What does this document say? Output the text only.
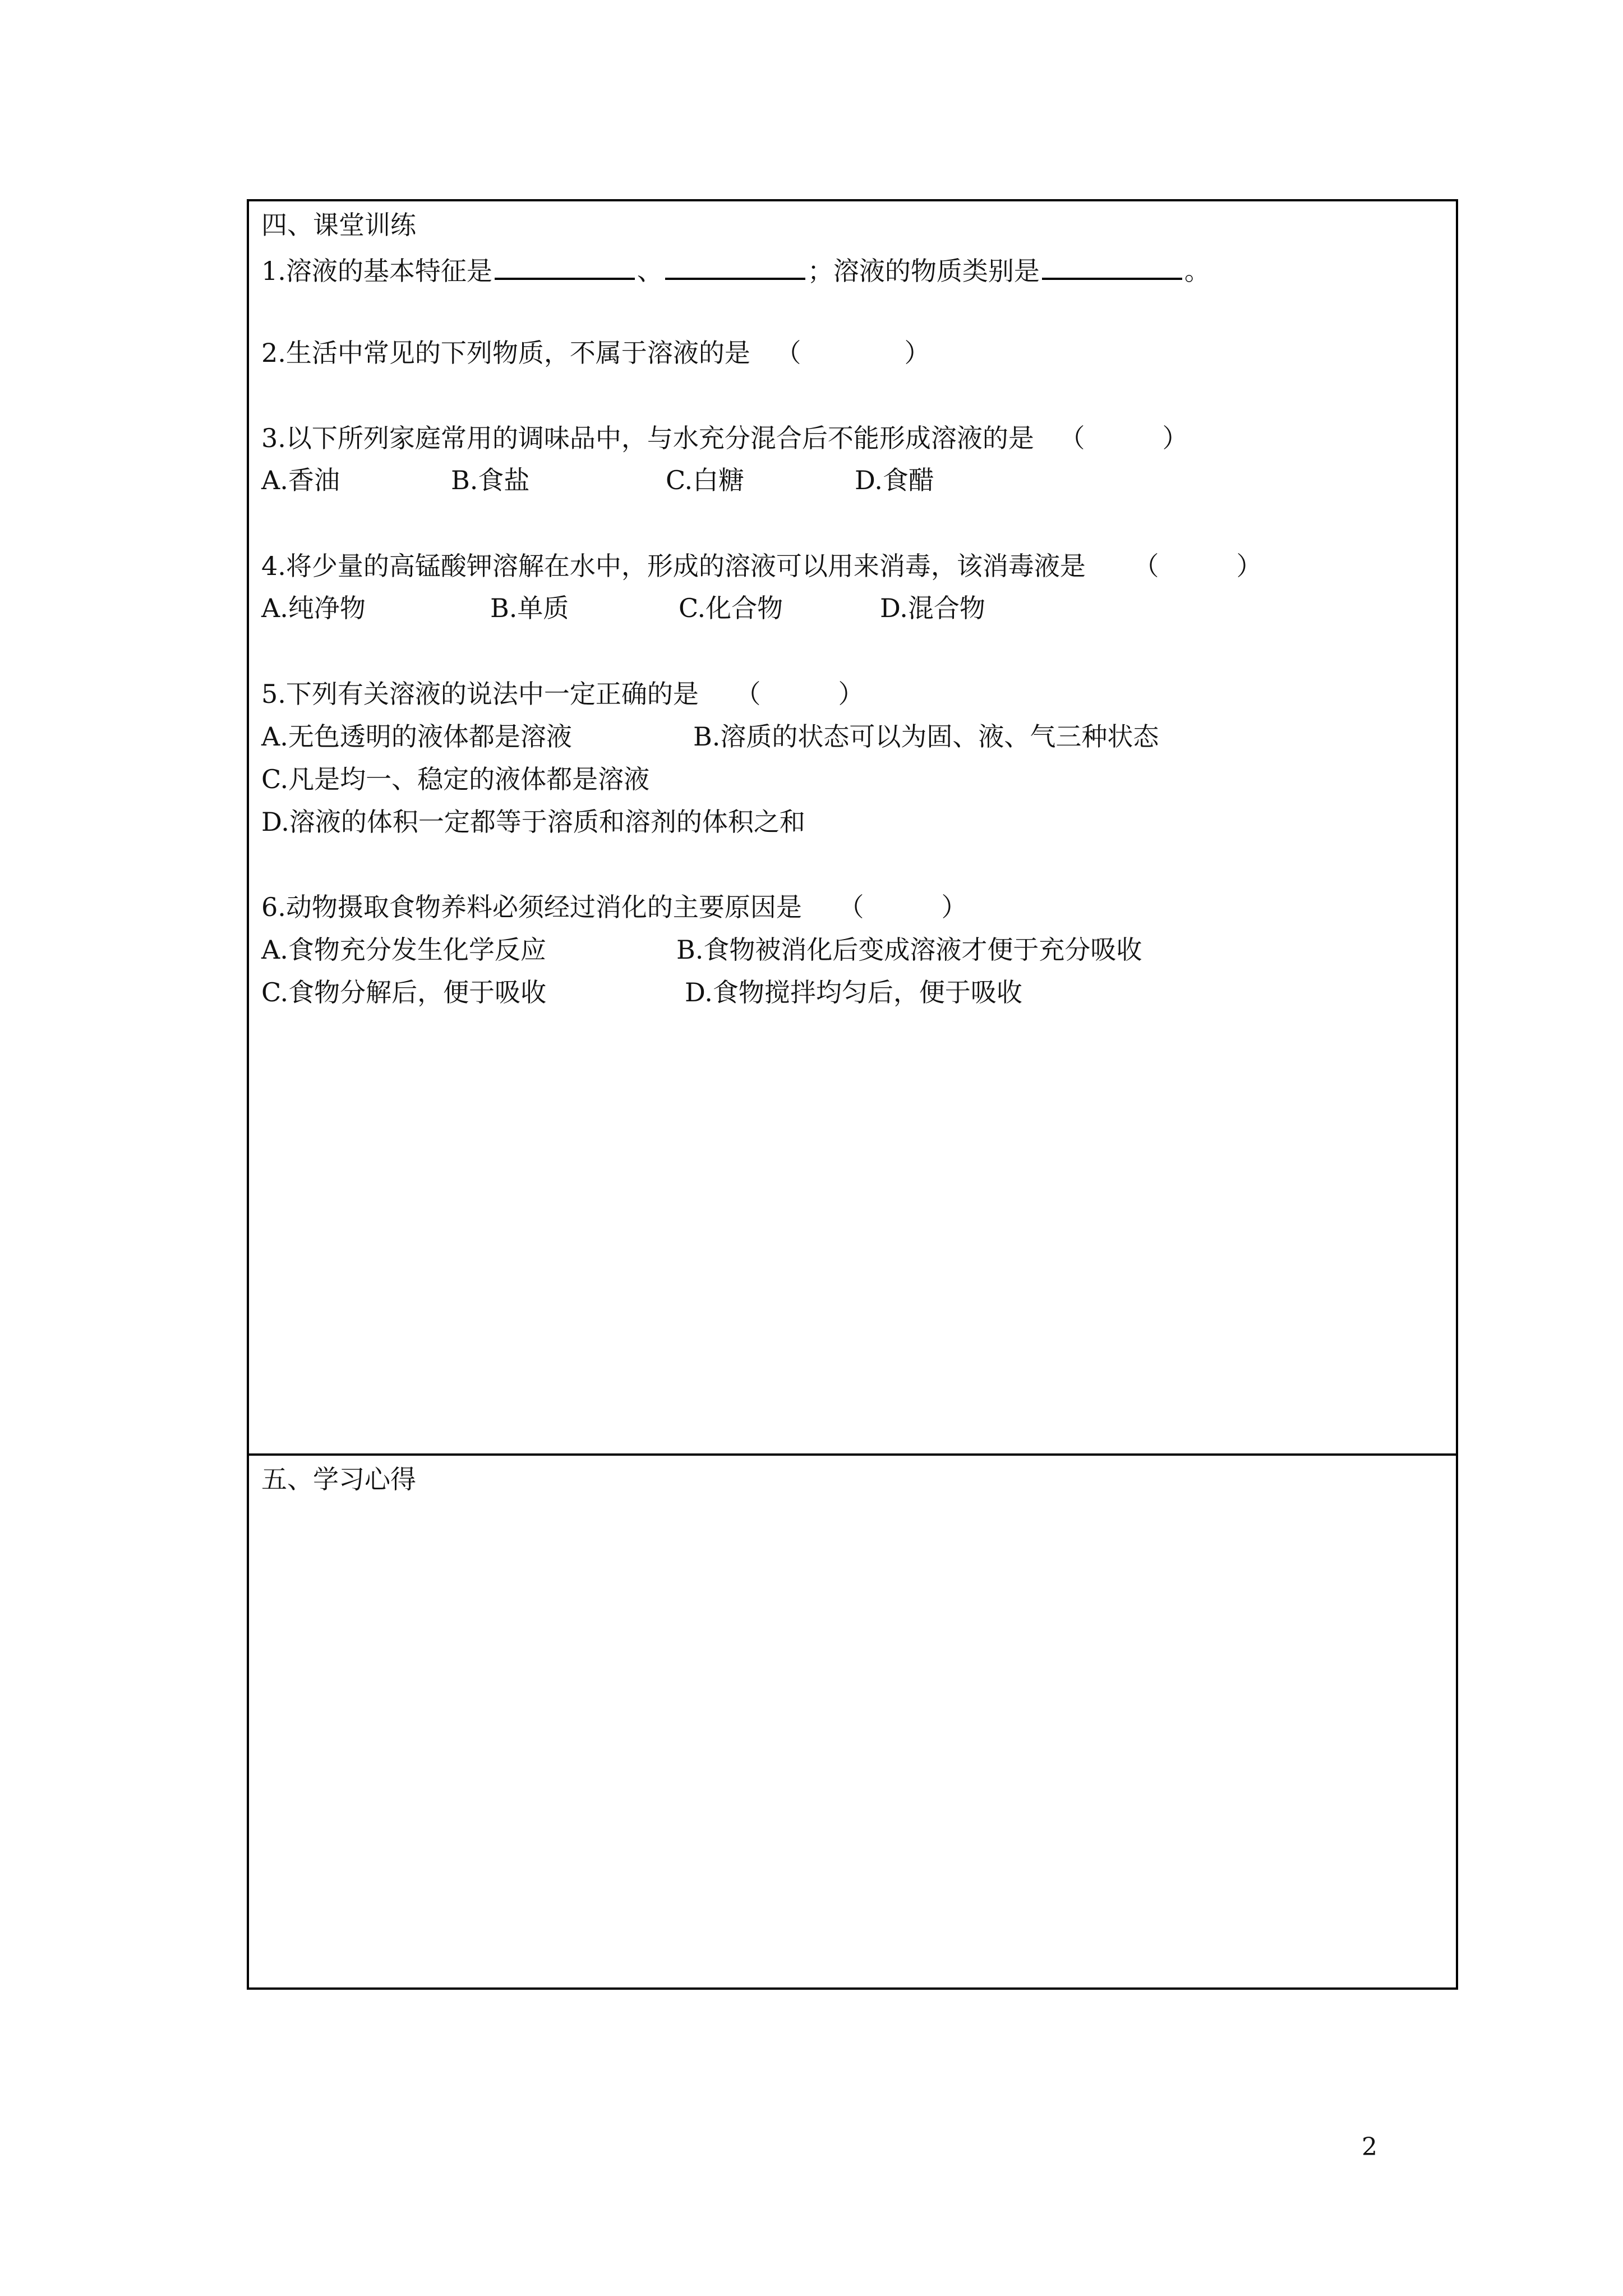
四、课堂训练
1.溶液的基本特征是	、	；溶液的物质类别是	。
2.生活中常见的下列物质，不属于溶液的是 （　　　　）
3.以下所列家庭常用的调味品中，与水充分混合后不能形成溶液的是 （　　　）
A.香油	B.食盐	C.白糖	D.食醋
4.将少量的高锰酸钾溶解在水中，形成的溶液可以用来消毒，该消毒液是 （　　　）
A.纯净物	B.单质	C.化合物	D.混合物
5.下列有关溶液的说法中一定正确的是 （　　　）
A.无色透明的液体都是溶液	B.溶质的状态可以为固、液、气三种状态
C.凡是均一、稳定的液体都是溶液
D.溶液的体积一定都等于溶质和溶剂的体积之和
6.动物摄取食物养料必须经过消化的主要原因是 （　　　）
A.食物充分发生化学反应	B.食物被消化后变成溶液才便于充分吸收
C.食物分解后，便于吸收	D.食物搅拌均匀后，便于吸收
五、学习心得
2
